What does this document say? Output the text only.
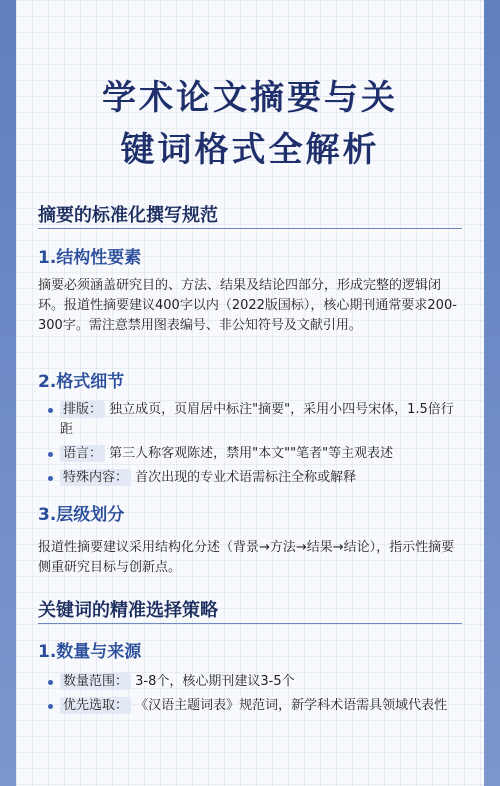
学术论文摘要与关
键词格式全解析
摘要的标准化撰写规范
1.结构性要素
摘要必须涵盖研究目的、方法、结果及结论四部分，形成完整的逻辑闭环。报道性摘要建议400字以内（2022版国标），核心期刊通常要求200-300字。需注意禁用图表编号、非公知符号及文献引用。
2.格式细节
排版： 独立成页，页眉居中标注"摘要"，采用小四号宋体，1.5倍行距
语言： 第三人称客观陈述，禁用"本文""笔者"等主观表述
特殊内容： 首次出现的专业术语需标注全称或解释
3.层级划分
报道性摘要建议采用结构化分述（背景→方法→结果→结论），指示性摘要侧重研究目标与创新点。
关键词的精准选择策略
1.数量与来源
数量范围： 3-8个，核心期刊建议3-5个
优先选取： 《汉语主题词表》规范词，新学科术语需具领域代表性
